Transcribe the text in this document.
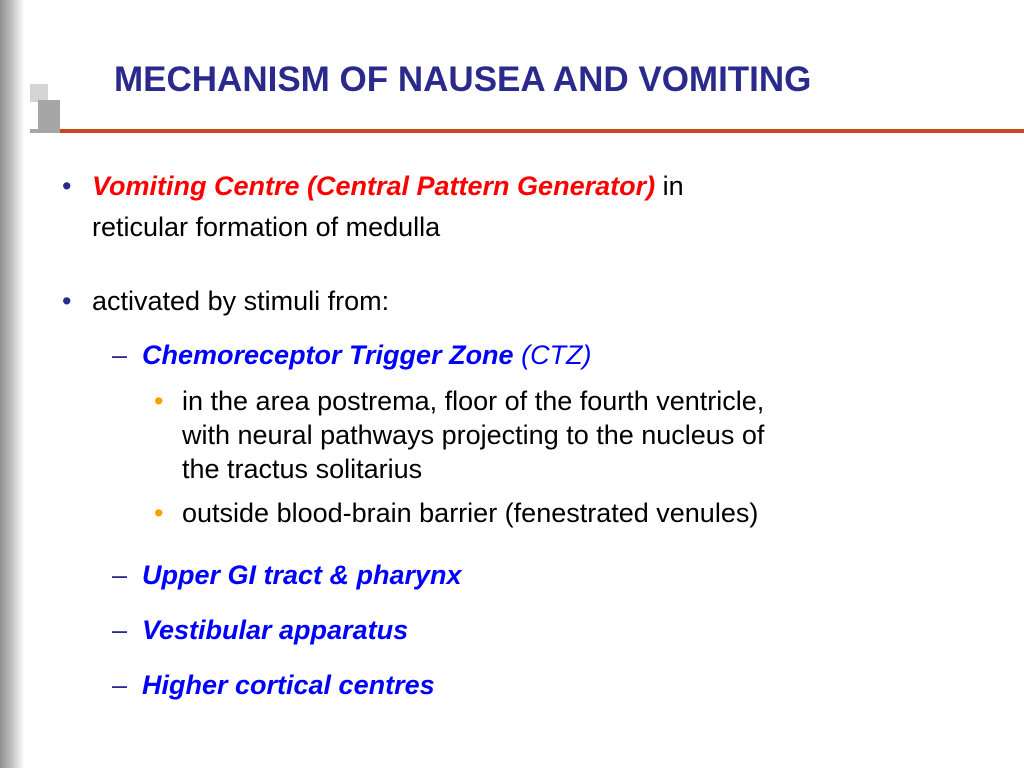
MECHANISM OF NAUSEA AND VOMITING
• Vomiting Centre (Central Pattern Generator) in
reticular formation of medulla
• activated by stimuli from:
– Chemoreceptor Trigger Zone (CTZ)
• in the area postrema, floor of the fourth ventricle,
with neural pathways projecting to the nucleus of
the tractus solitarius
• outside blood-brain barrier (fenestrated venules)
– Upper GI tract & pharynx
– Vestibular apparatus
– Higher cortical centres
